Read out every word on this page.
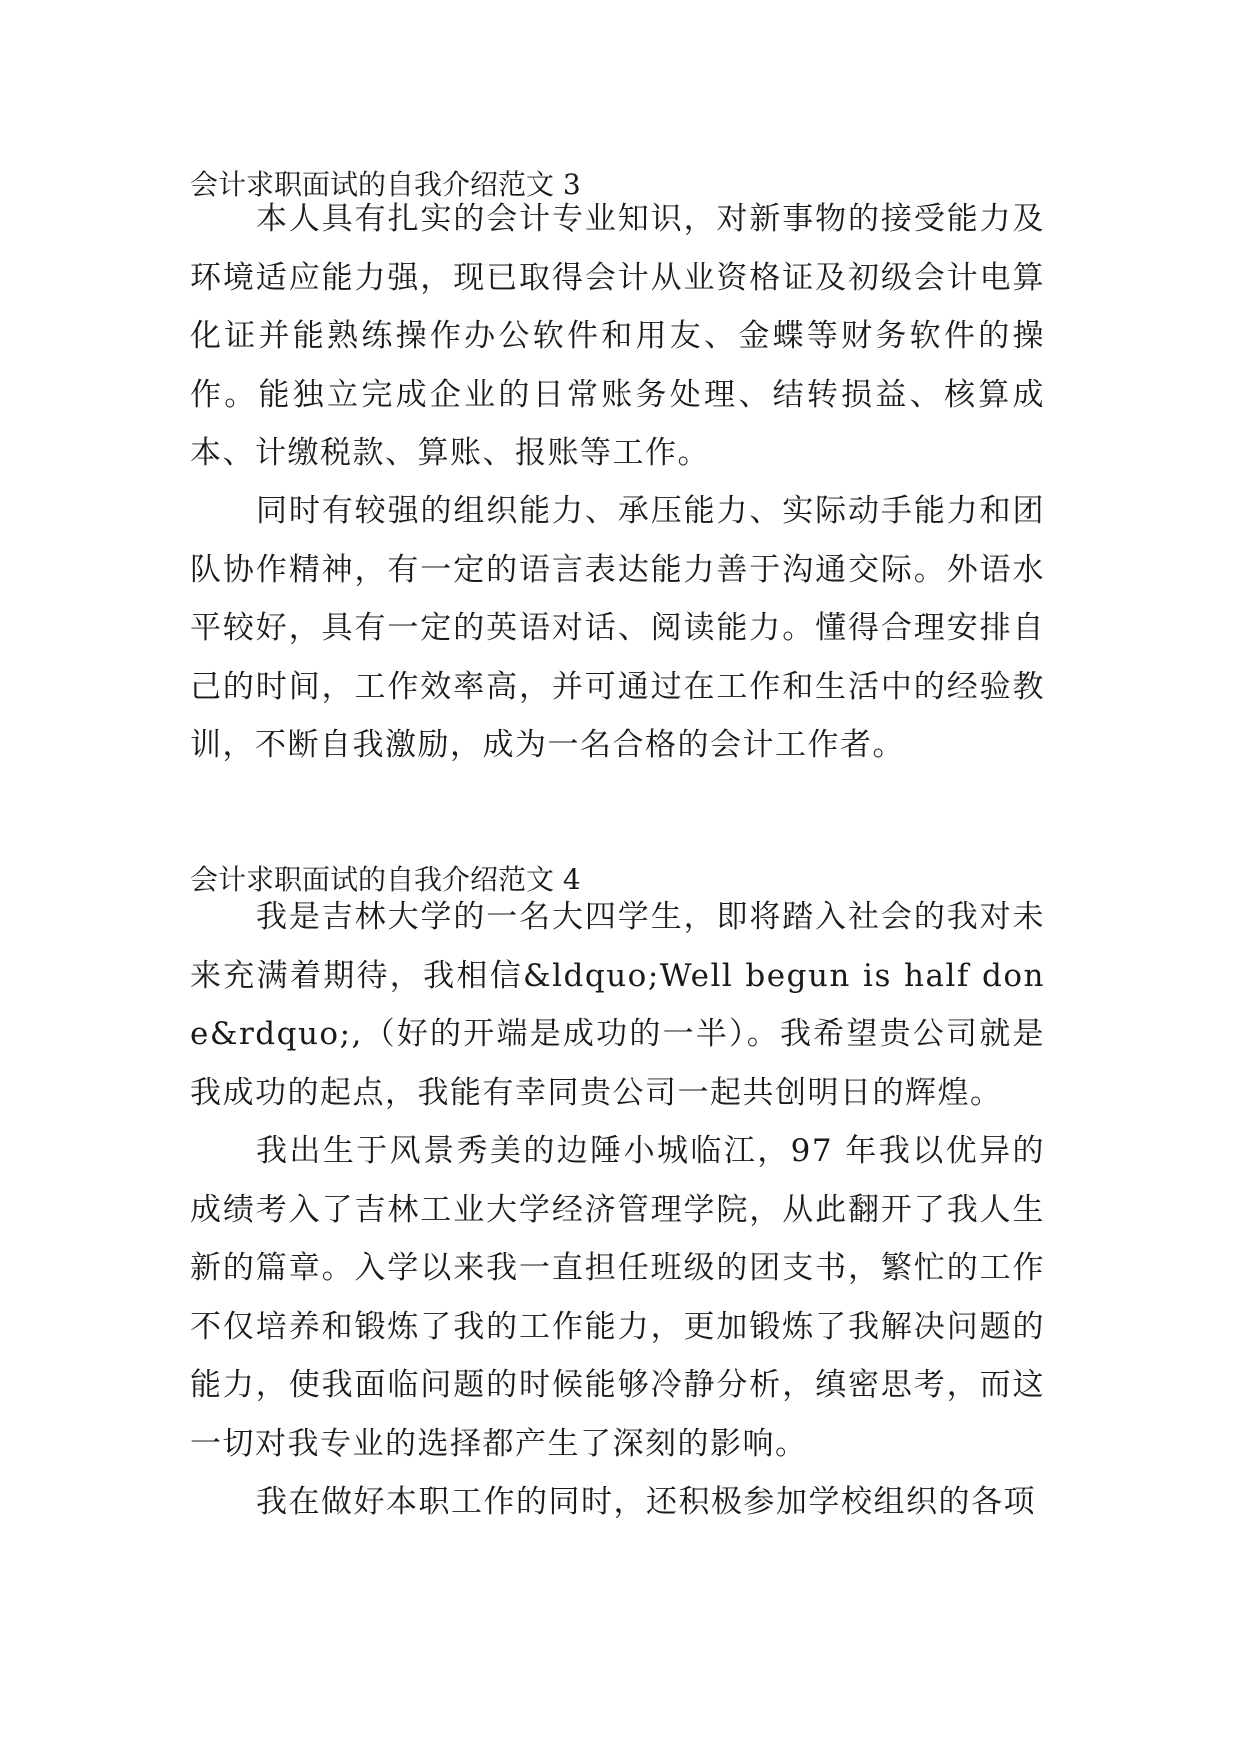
会计求职面试的自我介绍范文 3

本人具有扎实的会计专业知识，对新事物的接受能力及环境适应能力强，现已取得会计从业资格证及初级会计电算化证并能熟练操作办公软件和用友、金蝶等财务软件的操作。能独立完成企业的日常账务处理、结转损益、核算成本、计缴税款、算账、报账等工作。

同时有较强的组织能力、承压能力、实际动手能力和团队协作精神，有一定的语言表达能力善于沟通交际。外语水平较好，具有一定的英语对话、阅读能力。懂得合理安排自己的时间，工作效率高，并可通过在工作和生活中的经验教训，不断自我激励，成为一名合格的会计工作者。

会计求职面试的自我介绍范文 4

我是吉林大学的一名大四学生，即将踏入社会的我对未来充满着期待，我相信&ldquo;Well begun is half done&rdquo;,（好的开端是成功的一半）。我希望贵公司就是我成功的起点，我能有幸同贵公司一起共创明日的辉煌。

我出生于风景秀美的边陲小城临江，97 年我以优异的成绩考入了吉林工业大学经济管理学院，从此翻开了我人生新的篇章。入学以来我一直担任班级的团支书，繁忙的工作不仅培养和锻炼了我的工作能力，更加锻炼了我解决问题的能力，使我面临问题的时候能够冷静分析，缜密思考，而这一切对我专业的选择都产生了深刻的影响。

我在做好本职工作的同时，还积极参加学校组织的各项
